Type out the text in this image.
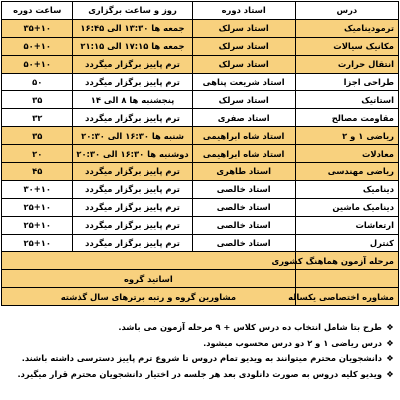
درس	استاد دوره	روز و ساعت برگزاری	ساعت دوره
ترمودینامیک	استاد سرلک	جمعه ها ۱۳:۳۰ الی ۱۶:۴۵	۳۵+۱۰
مکانیک سیالات	استاد سرلک	جمعه ها ۱۷:۱۵ الی ۲۱:۱۵	۵۰+۱۰
انتقال حرارت	استاد سرلک	ترم پاییز برگزار میگردد	۵۰+۱۰
طراحی اجزا	استاد شریعت پناهی	ترم پاییز برگزار میگردد	۵۰
استاتیک	استاد سرلک	پنجشنبه ها ۸ الی ۱۴	۳۵
مقاومت مصالح	استاد صفری	ترم پاییز برگزار میگردد	۳۲
ریاضی ۱ و ۲	استاد شاه ابراهیمی	شنبه ها ۱۶:۳۰ الی ۲۰:۳۰	۳۵
معادلات	استاد شاه ابراهیمی	دوشنبه ها ۱۶:۳۰ الی ۲۰:۳۰	۲۰
ریاضی مهندسی	استاد طاهری	ترم پاییز برگزار میگردد	۴۵
دینامیک	استاد خالصی	ترم پاییز برگزار میگردد	۳۰+۱۰
دینامیک ماشین	استاد خالصی	ترم پاییز برگزار میگردد	۲۵+۱۰
ارتعاشات	استاد خالصی	ترم پاییز برگزار میگردد	۲۵+۱۰
کنترل	استاد خالصی	ترم پاییز برگزار میگردد	۲۵+۱۰
مرحله آزمون هماهنگ کشوری			
	اساتید گروه		
مشاوره اختصاصی یکساله	مشاورین گروه و رتبه برترهای سال گذشته		
❖
طرح بتا شامل انتخاب ده درس کلاس + ۹ مرحله آزمون می باشد.
❖
درس ریاضی ۱ و ۲ دو درس محسوب میشود.
❖
دانشجویان محترم میتوانند به ویدیو تمام دروس تا شروع ترم پاییز دسترسی داشته باشند.
❖
ویدیو کلیه دروس به صورت دانلودی بعد هر جلسه در اختیار دانشجویان محترم قرار میگیرد.
